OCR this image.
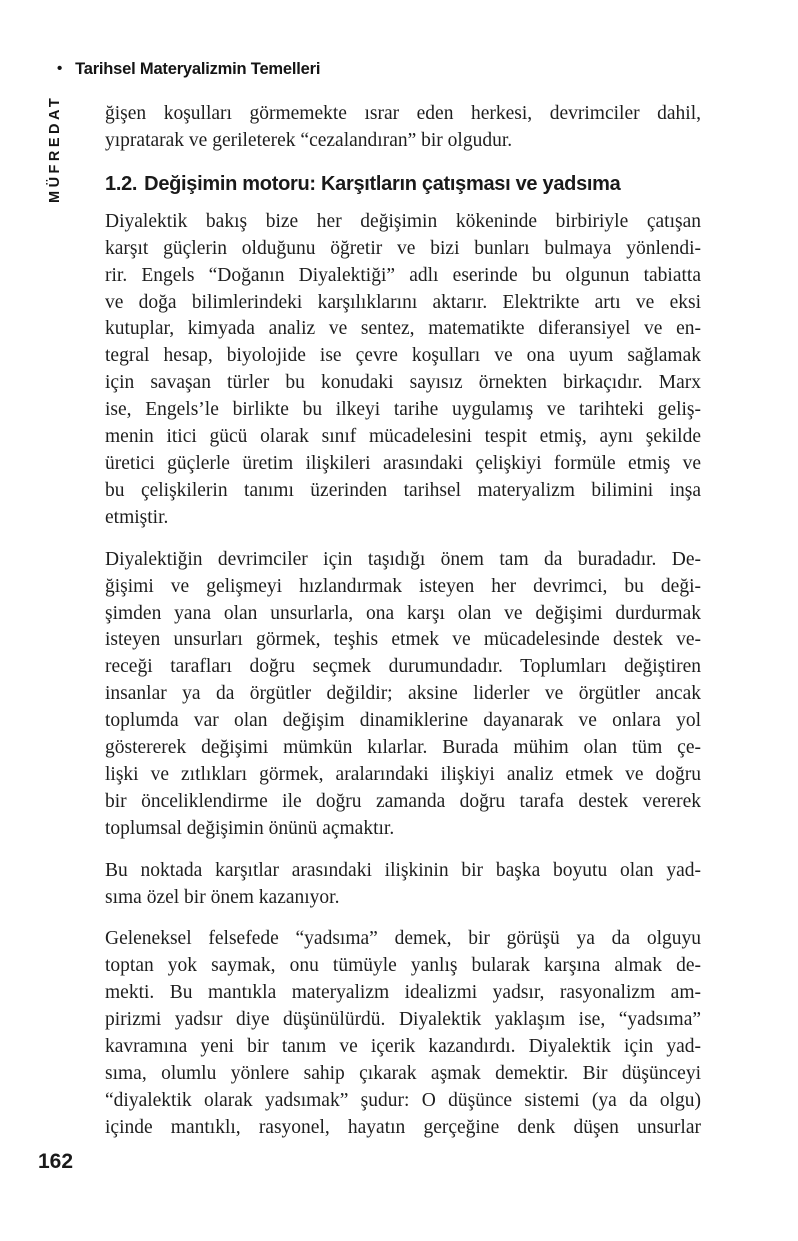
• Tarihsel Materyalizmin Temelleri
MÜFREDAT ğişen koşulları görmemekte ısrar eden herkesi, devrimciler dahil,
yıpratarak ve gerileterek “cezalandıran” bir olgudur.

1.2. Değişimin motoru: Karşıtların çatışması ve yadsıma

Diyalektik bakış bize her değişimin kökeninde birbiriyle çatışan
karşıt güçlerin olduğunu öğretir ve bizi bunları bulmaya yönlendi-
rir. Engels “Doğanın Diyalektiği” adlı eserinde bu olgunun tabiatta
ve doğa bilimlerindeki karşılıklarını aktarır. Elektrikte artı ve eksi
kutuplar, kimyada analiz ve sentez, matematikte diferansiyel ve en-
tegral hesap, biyolojide ise çevre koşulları ve ona uyum sağlamak
için savaşan türler bu konudaki sayısız örnekten birkaçıdır. Marx
ise, Engels’le birlikte bu ilkeyi tarihe uygulamış ve tarihteki geliş-
menin itici gücü olarak sınıf mücadelesini tespit etmiş, aynı şekilde
üretici güçlerle üretim ilişkileri arasındaki çelişkiyi formüle etmiş ve
bu çelişkilerin tanımı üzerinden tarihsel materyalizm bilimini inşa
etmiştir.

Diyalektiğin devrimciler için taşıdığı önem tam da buradadır. De-
ğişimi ve gelişmeyi hızlandırmak isteyen her devrimci, bu deği-
şimden yana olan unsurlarla, ona karşı olan ve değişimi durdurmak
isteyen unsurları görmek, teşhis etmek ve mücadelesinde destek ve-
receği tarafları doğru seçmek durumundadır. Toplumları değiştiren
insanlar ya da örgütler değildir; aksine liderler ve örgütler ancak
toplumda var olan değişim dinamiklerine dayanarak ve onlara yol
göstererek değişimi mümkün kılarlar. Burada mühim olan tüm çe-
lişki ve zıtlıkları görmek, aralarındaki ilişkiyi analiz etmek ve doğru
bir önceliklendirme ile doğru zamanda doğru tarafa destek vererek
toplumsal değişimin önünü açmaktır.

Bu noktada karşıtlar arasındaki ilişkinin bir başka boyutu olan yad-
sıma özel bir önem kazanıyor.

Geleneksel felsefede “yadsıma” demek, bir görüşü ya da olguyu
toptan yok saymak, onu tümüyle yanlış bularak karşına almak de-
mekti. Bu mantıkla materyalizm idealizmi yadsır, rasyonalizm am-
pirizmi yadsır diye düşünülürdü. Diyalektik yaklaşım ise, “yadsıma”
kavramına yeni bir tanım ve içerik kazandırdı. Diyalektik için yad-
sıma, olumlu yönlere sahip çıkarak aşmak demektir. Bir düşünceyi
“diyalektik olarak yadsımak” şudur: O düşünce sistemi (ya da olgu)
içinde mantıklı, rasyonel, hayatın gerçeğine denk düşen unsurlar

162
